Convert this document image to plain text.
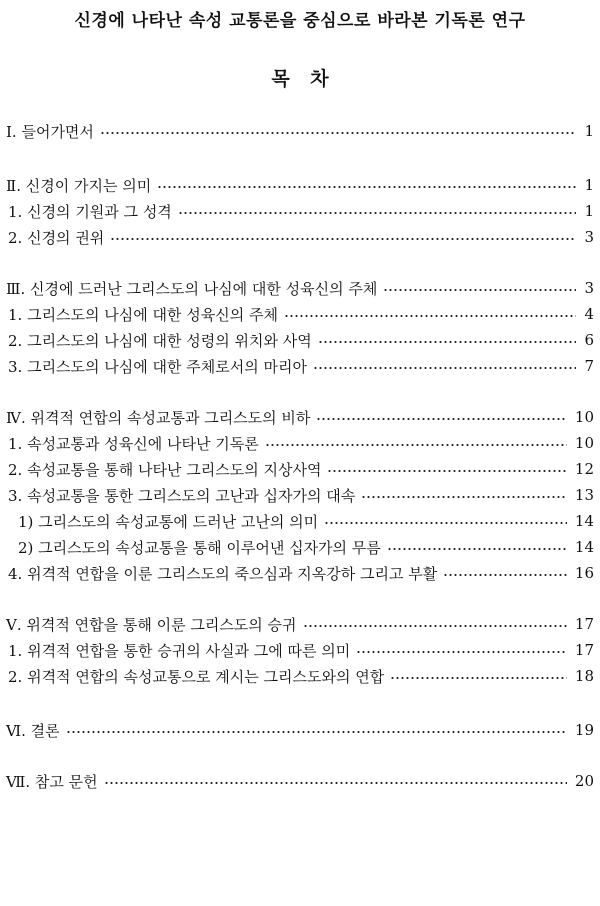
신경에 나타난 속성 교통론을 중심으로 바라본 기독론 연구
목 차
Ⅰ. 들어가면서	1
Ⅱ. 신경이 가지는 의미	1
1. 신경의 기원과 그 성격	1
2. 신경의 권위	3
Ⅲ. 신경에 드러난 그리스도의 나심에 대한 성육신의 주체	3
1. 그리스도의 나심에 대한 성육신의 주체	4
2. 그리스도의 나심에 대한 성령의 위치와 사역	6
3. 그리스도의 나심에 대한 주체로서의 마리아	7
Ⅳ. 위격적 연합의 속성교통과 그리스도의 비하	10
1. 속성교통과 성육신에 나타난 기독론	10
2. 속성교통을 통해 나타난 그리스도의 지상사역	12
3. 속성교통을 통한 그리스도의 고난과 십자가의 대속	13
1) 그리스도의 속성교통에 드러난 고난의 의미	14
2) 그리스도의 속성교통을 통해 이루어낸 십자가의 무름	14
4. 위격적 연합을 이룬 그리스도의 죽으심과 지옥강하 그리고 부활	16
Ⅴ. 위격적 연합을 통해 이룬 그리스도의 승귀	17
1. 위격적 연합을 통한 승귀의 사실과 그에 따른 의미	17
2. 위격적 연합의 속성교통으로 계시는 그리스도와의 연합	18
Ⅵ. 결론	19
Ⅶ. 참고 문헌	20
